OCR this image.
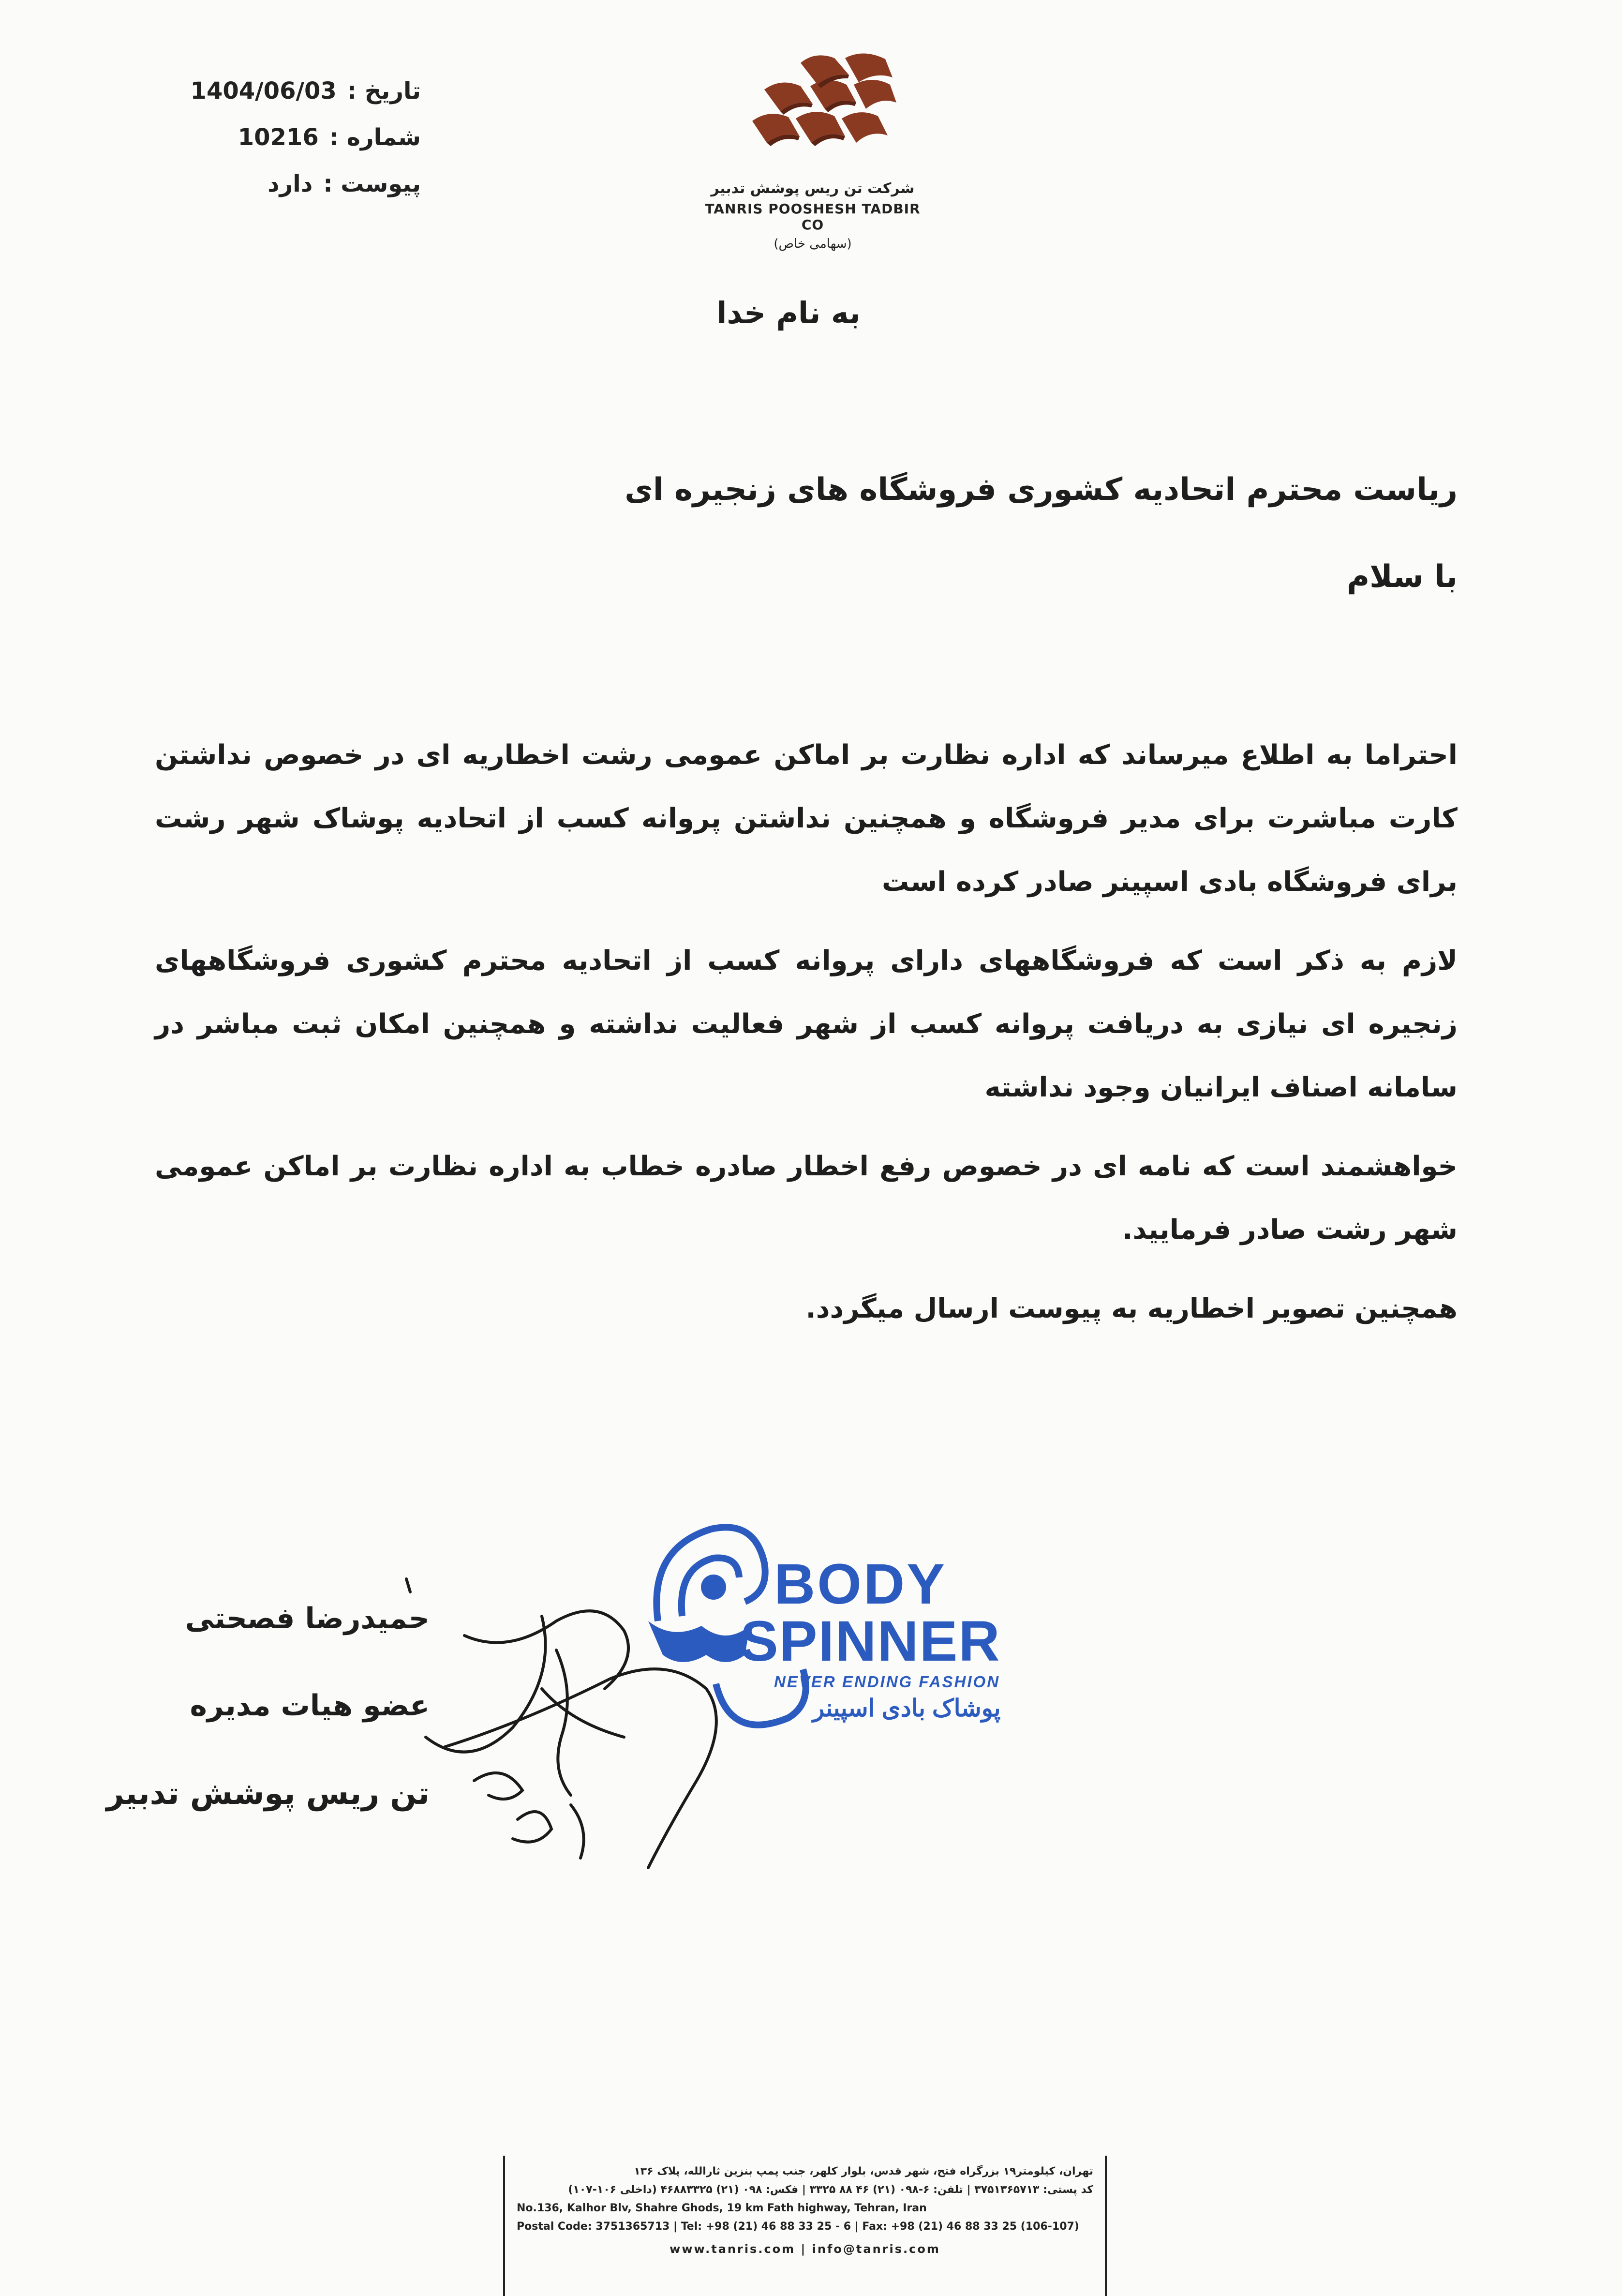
تاریخ :
1404/06/03
شماره :
10216
پیوست :
دارد	شرکت تن ریس پوشش تدبیر
TANRIS POOSHESH TADBIR CO
(سهامی خاص)
به نام خدا
ریاست محترم اتحادیه کشوری فروشگاه های زنجیره ای
با سلام

احتراما به اطلاع میرساند که اداره نظارت بر اماکن عمومی رشت اخطاریه ای در خصوص نداشتن کارت مباشرت برای مدیر فروشگاه و همچنین نداشتن پروانه کسب از اتحادیه پوشاک شهر رشت برای فروشگاه بادی اسپینر صادر کرده است

لازم به ذکر است که فروشگاههای دارای پروانه کسب از اتحادیه محترم کشوری فروشگاههای زنجیره ای نیازی به دریافت پروانه کسب از شهر فعالیت نداشته و همچنین امکان ثبت مباشر در سامانه اصناف ایرانیان وجود نداشته

خواهشمند است که نامه ای در خصوص رفع اخطار صادره خطاب به اداره نظارت بر اماکن عمومی شهر رشت صادر فرمایید.

همچنین تصویر اخطاریه به پیوست ارسال میگردد.

BODY
SPINNER
NEVER ENDING FASHION
پوشاک بادی اسپینر
حمیدرضا فصحتی
عضو هیات مدیره
تن ریس پوشش تدبیر
تهران، کیلومتر۱۹ بزرگراه فتح، شهر قدس، بلوار کلهر، جنب پمپ بنزین ثارالله، پلاک ۱۳۶
کد پستی: ۳۷۵۱۳۶۵۷۱۳ | تلفن: ۶-۰۹۸ (۲۱) ۴۶ ۸۸ ۳۳۲۵ | فکس: ۰۹۸ (۲۱) ۴۶۸۸۳۳۲۵ (داخلی ۱۰۶-۱۰۷)
No.136, Kalhor Blv, Shahre Ghods, 19 km Fath highway, Tehran, Iran
Postal Code: 3751365713 | Tel: +98 (21) 46 88 33 25 - 6 | Fax: +98 (21) 46 88 33 25 (106-107)
www.tanris.com | info@tanris.com
